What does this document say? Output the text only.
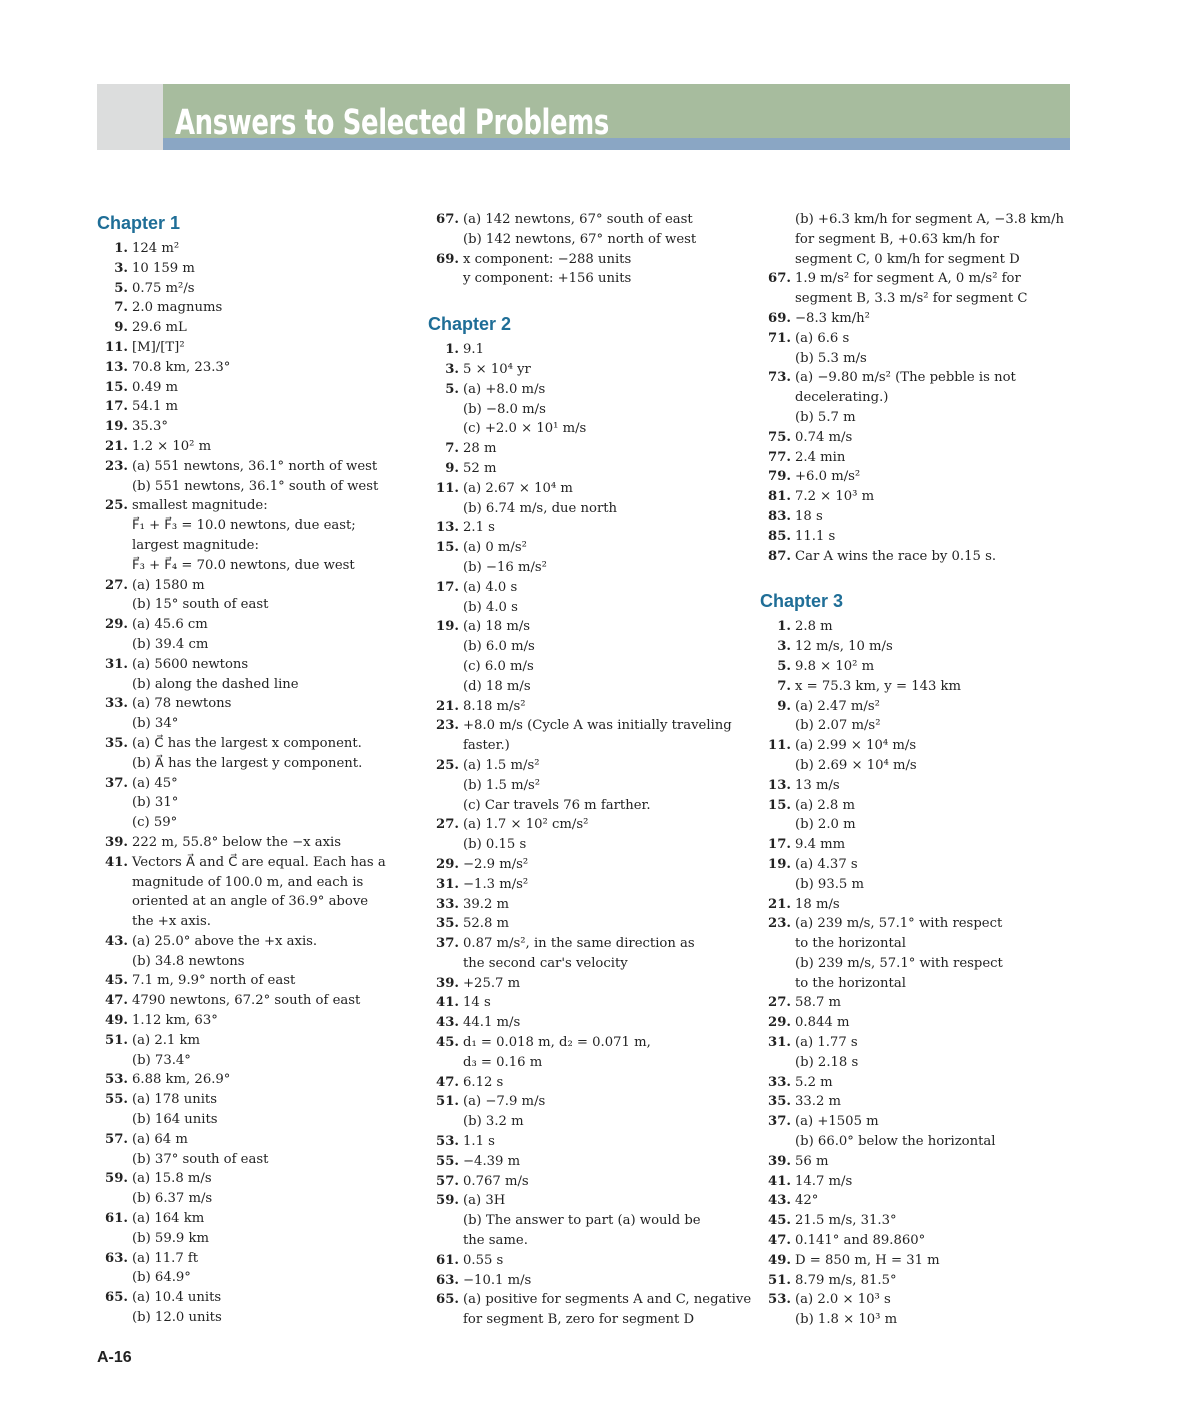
Answers to Selected Problems
Chapter 1
1. 124 m²
3. 10 159 m
5. 0.75 m²/s
7. 2.0 magnums
9. 29.6 mL
11. [M]/[T]²
13. 70.8 km, 23.3°
15. 0.49 m
17. 54.1 m
19. 35.3°
21. 1.2 × 10² m
23. (a) 551 newtons, 36.1° north of west
(b) 551 newtons, 36.1° south of west
25. smallest magnitude:
F⃗₁ + F⃗₃ = 10.0 newtons, due east;
largest magnitude:
F⃗₃ + F⃗₄ = 70.0 newtons, due west
27. (a) 1580 m
(b) 15° south of east
29. (a) 45.6 cm
(b) 39.4 cm
31. (a) 5600 newtons
(b) along the dashed line
33. (a) 78 newtons
(b) 34°
35. (a) C⃗ has the largest x component.
(b) A⃗ has the largest y component.
37. (a) 45°
(b) 31°
(c) 59°
39. 222 m, 55.8° below the −x axis
41. Vectors A⃗ and C⃗ are equal. Each has a
magnitude of 100.0 m, and each is
oriented at an angle of 36.9° above
the +x axis.
43. (a) 25.0° above the +x axis.
(b) 34.8 newtons
45. 7.1 m, 9.9° north of east
47. 4790 newtons, 67.2° south of east
49. 1.12 km, 63°
51. (a) 2.1 km
(b) 73.4°
53. 6.88 km, 26.9°
55. (a) 178 units
(b) 164 units
57. (a) 64 m
(b) 37° south of east
59. (a) 15.8 m/s
(b) 6.37 m/s
61. (a) 164 km
(b) 59.9 km
63. (a) 11.7 ft
(b) 64.9°
65. (a) 10.4 units
(b) 12.0 units
67. (a) 142 newtons, 67° south of east
(b) 142 newtons, 67° north of west
69. x component: −288 units
y component: +156 units
Chapter 2
1. 9.1
3. 5 × 10⁴ yr
5. (a) +8.0 m/s
(b) −8.0 m/s
(c) +2.0 × 10¹ m/s
7. 28 m
9. 52 m
11. (a) 2.67 × 10⁴ m
(b) 6.74 m/s, due north
13. 2.1 s
15. (a) 0 m/s²
(b) −16 m/s²
17. (a) 4.0 s
(b) 4.0 s
19. (a) 18 m/s
(b) 6.0 m/s
(c) 6.0 m/s
(d) 18 m/s
21. 8.18 m/s²
23. +8.0 m/s (Cycle A was initially traveling
faster.)
25. (a) 1.5 m/s²
(b) 1.5 m/s²
(c) Car travels 76 m farther.
27. (a) 1.7 × 10² cm/s²
(b) 0.15 s
29. −2.9 m/s²
31. −1.3 m/s²
33. 39.2 m
35. 52.8 m
37. 0.87 m/s², in the same direction as
the second car's velocity
39. +25.7 m
41. 14 s
43. 44.1 m/s
45. d₁ = 0.018 m, d₂ = 0.071 m,
d₃ = 0.16 m
47. 6.12 s
51. (a) −7.9 m/s
(b) 3.2 m
53. 1.1 s
55. −4.39 m
57. 0.767 m/s
59. (a) 3H
(b) The answer to part (a) would be
the same.
61. 0.55 s
63. −10.1 m/s
65. (a) positive for segments A and C, negative
for segment B, zero for segment D
(b) +6.3 km/h for segment A, −3.8 km/h
for segment B, +0.63 km/h for
segment C, 0 km/h for segment D
67. 1.9 m/s² for segment A, 0 m/s² for
segment B, 3.3 m/s² for segment C
69. −8.3 km/h²
71. (a) 6.6 s
(b) 5.3 m/s
73. (a) −9.80 m/s² (The pebble is not
decelerating.)
(b) 5.7 m
75. 0.74 m/s
77. 2.4 min
79. +6.0 m/s²
81. 7.2 × 10³ m
83. 18 s
85. 11.1 s
87. Car A wins the race by 0.15 s.
Chapter 3
1. 2.8 m
3. 12 m/s, 10 m/s
5. 9.8 × 10² m
7. x = 75.3 km, y = 143 km
9. (a) 2.47 m/s²
(b) 2.07 m/s²
11. (a) 2.99 × 10⁴ m/s
(b) 2.69 × 10⁴ m/s
13. 13 m/s
15. (a) 2.8 m
(b) 2.0 m
17. 9.4 mm
19. (a) 4.37 s
(b) 93.5 m
21. 18 m/s
23. (a) 239 m/s, 57.1° with respect
to the horizontal
(b) 239 m/s, 57.1° with respect
to the horizontal
27. 58.7 m
29. 0.844 m
31. (a) 1.77 s
(b) 2.18 s
33. 5.2 m
35. 33.2 m
37. (a) +1505 m
(b) 66.0° below the horizontal
39. 56 m
41. 14.7 m/s
43. 42°
45. 21.5 m/s, 31.3°
47. 0.141° and 89.860°
49. D = 850 m, H = 31 m
51. 8.79 m/s, 81.5°
53. (a) 2.0 × 10³ s
(b) 1.8 × 10³ m
A-16
